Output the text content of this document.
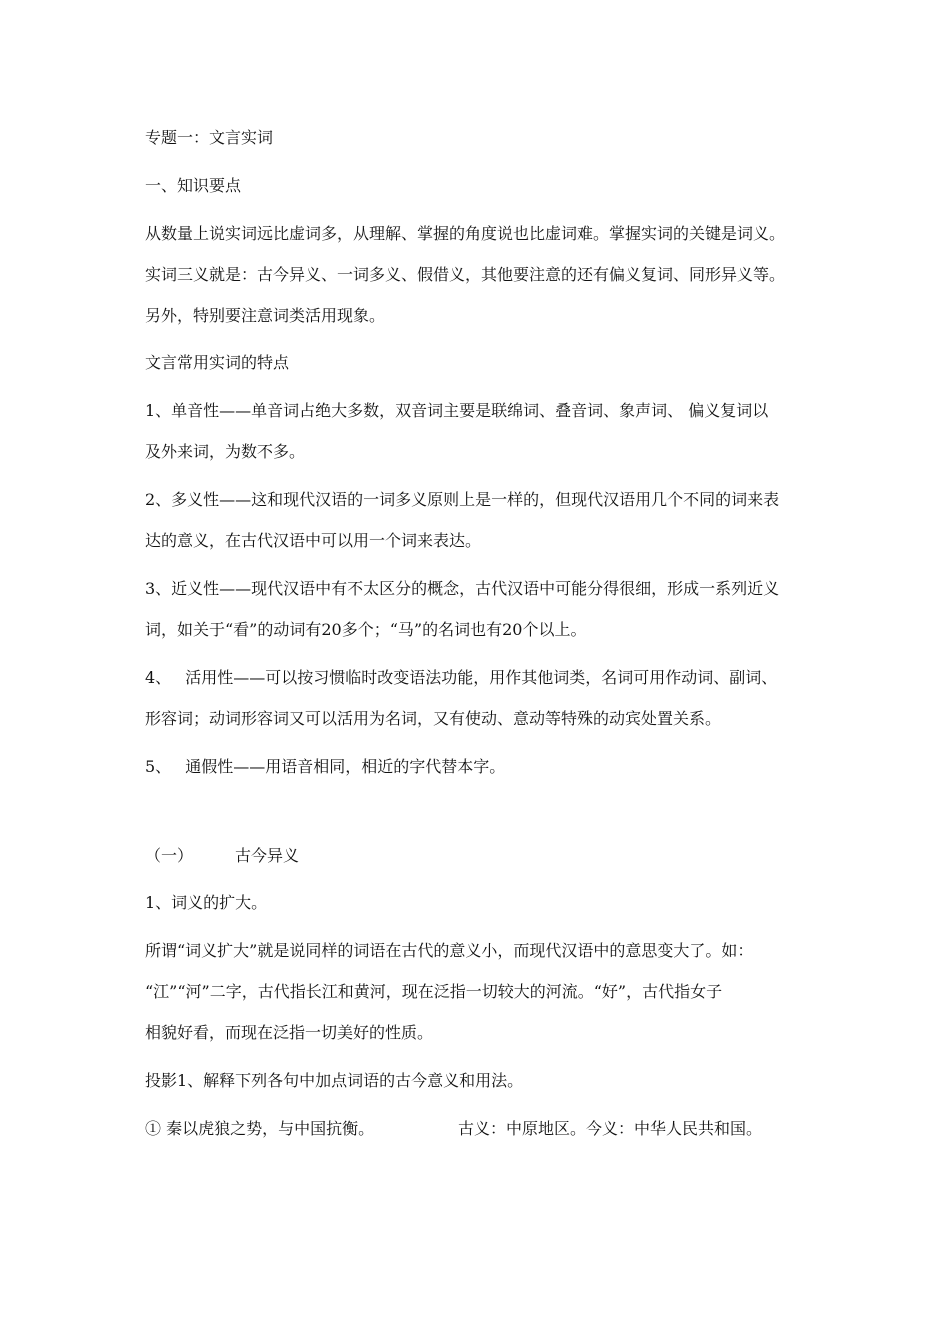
专题一：文言实词
一、知识要点
从数量上说实词远比虚词多，从理解、掌握的角度说也比虚词难。掌握实词的关键是词义。
实词三义就是：古今异义、一词多义、假借义，其他要注意的还有偏义复词、同形异义等。
另外，特别要注意词类活用现象。
文言常用实词的特点
1、单音性——单音词占绝大多数，双音词主要是联绵词、叠音词、象声词、 偏义复词以
及外来词，为数不多。
2、多义性——这和现代汉语的一词多义原则上是一样的，但现代汉语用几个不同的词来表
达的意义，在古代汉语中可以用一个词来表达。
3、近义性——现代汉语中有不太区分的概念，古代汉语中可能分得很细，形成一系列近义
词，如关于“看”的动词有20多个；“马”的名词也有20个以上。
4、 活用性——可以按习惯临时改变语法功能，用作其他词类，名词可用作动词、副词、
形容词；动词形容词又可以活用为名词，又有使动、意动等特殊的动宾处置关系。
5、 通假性——用语音相同，相近的字代替本字。
（一）	古今异义
1、词义的扩大。
所谓“词义扩大”就是说同样的词语在古代的意义小，而现代汉语中的意思变大了。如：
“江”“河”二字，古代指长江和黄河，现在泛指一切较大的河流。“好”，古代指女子
相貌好看，而现在泛指一切美好的性质。
投影1、解释下列各句中加点词语的古今意义和用法。
① 秦以虎狼之势，与中国抗衡。	古义：中原地区。今义：中华人民共和国。
